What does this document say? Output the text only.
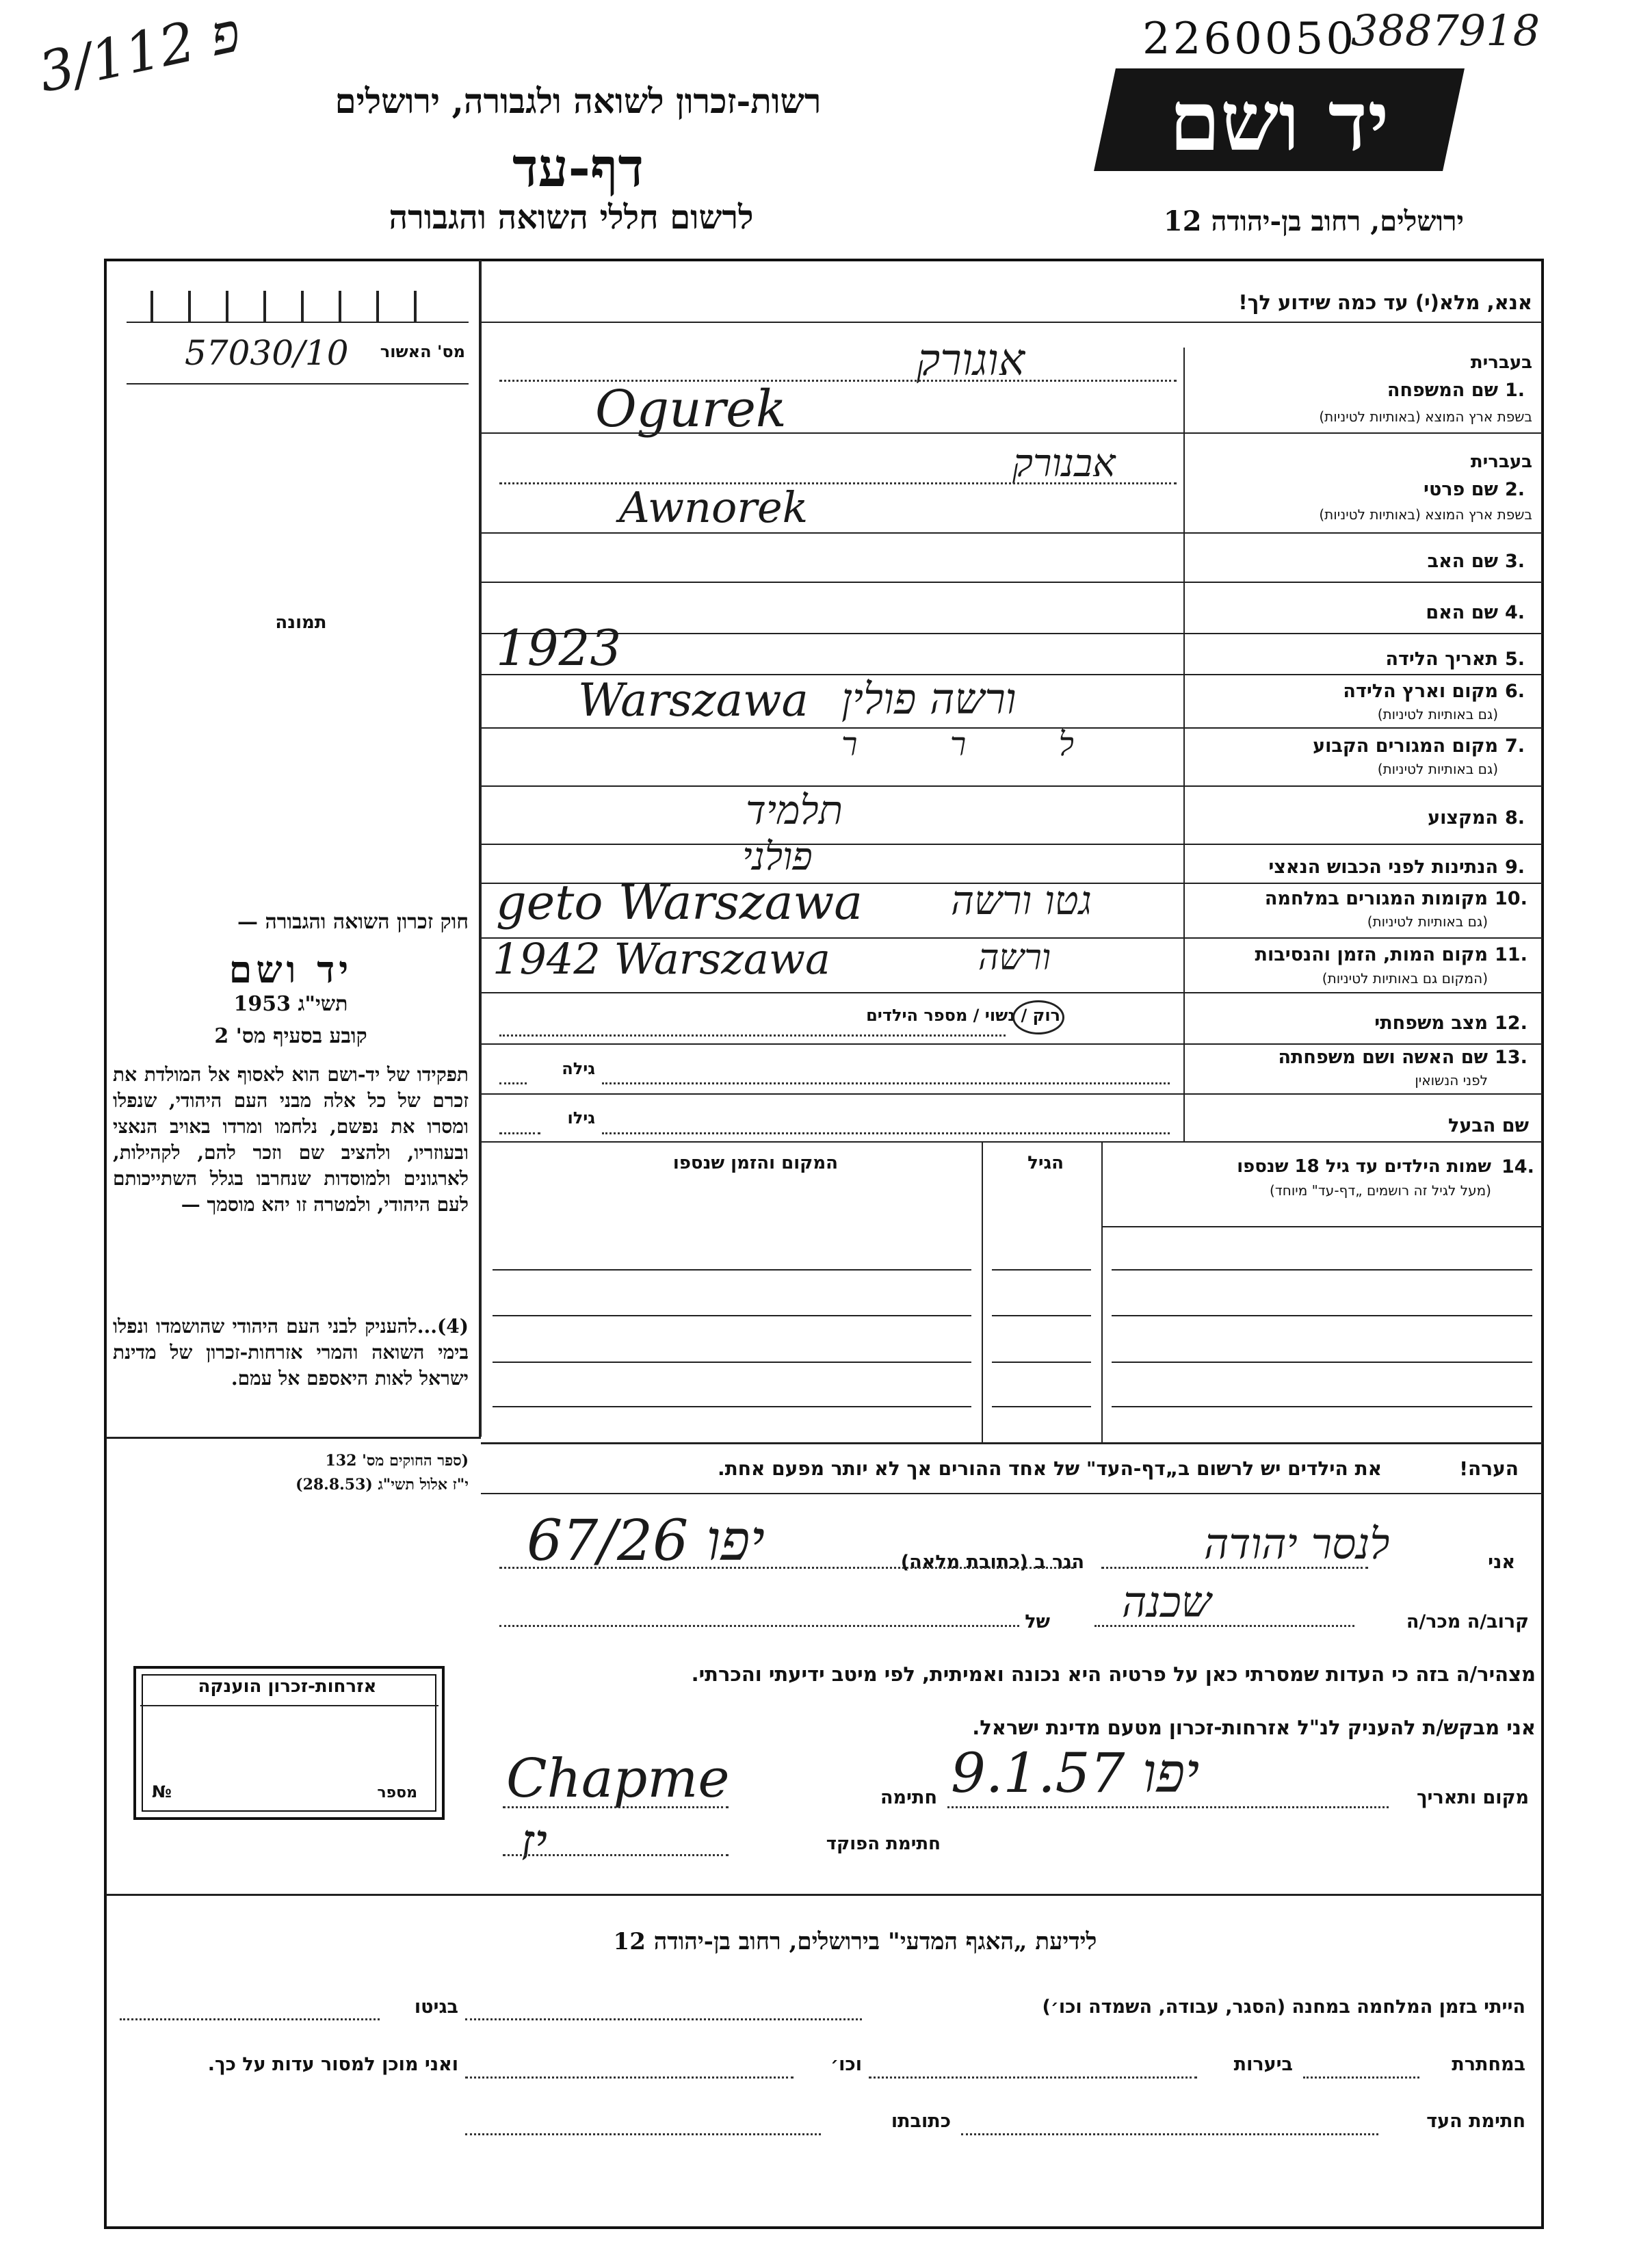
פ 3/112	2260050
3887918
רשות-זכרון לשואה ולגבורה, ירושלים
דף-עד
לרשום חללי השואה והגבורה
יד ושם
ירושלים, רחוב בן-יהודה 12
מס' האשור
57030/10
תמונה
חוק זכרון השואה והגבורה —
יד ושם
תשי"ג 1953
קובע בסעיף מס' 2
תפקידו של יד-ושם הוא לאסוף אל המולדת את זכרם של כל אלה מבני העם היהודי, שנפלו ומסרו את נפשם, נלחמו ומרדו באויב הנאצי ובעוזריו, ולהציב שם וזכר להם, לקהילות, לארגונים ולמוסדות שנחרבו בגלל השתייכותם לעם היהודי, ולמטרה זו יהא מוסמך —
(4)...להעניק לבני העם היהודי שהושמדו ונפלו בימי השואה והמרי אזרחות-זכרון של מדינת ישראל לאות היאספם אל עמם.
(ספר החוקים מס' 132
י"ז אלול תשי"ג (28.8.53)
אנא, מלא(י) עד כמה שידוע לך!
1.
שם המשפחה
בשפת ארץ המוצא (באותיות לטיניות)
בעברית
אוגורק
Ogurek
בעברית
2.
שם פרטי
בשפת ארץ המוצא (באותיות לטיניות)
אבנורק
Awnorek
3.
שם האב
4.
שם האם
5.
תאריך הלידה
1923
6.
מקום וארץ הלידה
(גם באותיות לטיניות)
Warszawa ורשה פולין
7.
מקום המגורים הקבוע
(גם באותיות לטיניות)
ל ר ר
8.
המקצוע
תלמיד
9.
הנתינות לפני הכבוש הנאצי
פולני
10.
מקומות המגורים במלחמה
(גם באותיות לטיניות)
geto Warszawa גטו ורשה
11.
מקום המות, הזמן והנסיבות
(המקום גם באותיות לטיניות)
1942 Warszawa	ורשה
12.
מצב משפחתי
רוק / נשוי / מספר הילדים
13.
שם האשה ושם משפחתה
לפני הנשואין
גילה
שם הבעל
גילו
14.
שמות הילדים עד גיל 18 שנספו
(מעל לגיל זה רושמים „דף-עד" מיוחד)
הגיל
המקום והזמן שנספו
הערה!
את הילדים יש לרשום ב„דף-העד" של אחד ההורים אך לא יותר מפעם אחת.
אני
לנסר יהודה
הגר ב (כתובת מלאה)
יפו 67/26
קרוב/ה מכר/ה
שכנה
של
מצהיר/ה בזה כי העדות שמסרתי כאן על פרטיה היא נכונה ואמיתית, לפי מיטב ידיעתי והכרתי.
אני מבקש/ת להעניק לנ"ל אזרחות-זכרון מטעם מדינת ישראל.
מקום ותאריך
יפו 9.1.57
חתימה
Chapme
חתימת הפוקד
יז
אזרחות-זכרון הוענקה
מספר
№
לידיעת „האגף המדעי" בירושלים, רחוב בן-יהודה 12
הייתי בזמן המלחמה במחנה (הסגר, עבודה, השמדה וכו׳)
בגיטו
במחתרת
ביערות
וכו׳
ואני מוכן למסור עדות על כך.
חתימת העד
כתובתו
